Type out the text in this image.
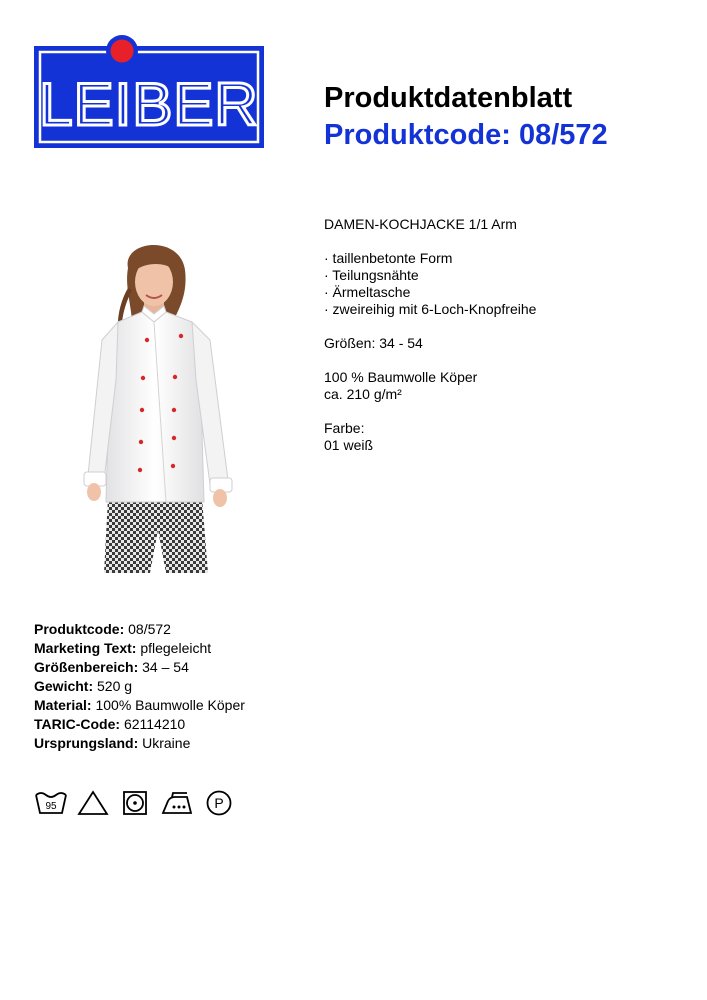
LEIBER Produktdatenblatt
Produktcode: 08/572
DAMEN-KOCHJACKE 1/1 Arm
· taillenbetonte Form
· Teilungsnähte
· Ärmeltasche
· zweireihig mit 6-Loch-Knopfreihe
Größen: 34 - 54
100 % Baumwolle Köper
ca. 210 g/m²
Farbe:
01 weiß
Produktcode: 08/572
Marketing Text: pflegeleicht
Größenbereich: 34 – 54
Gewicht: 520 g
Material: 100% Baumwolle Köper
TARIC-Code: 62114210
Ursprungsland: Ukraine
95	P
